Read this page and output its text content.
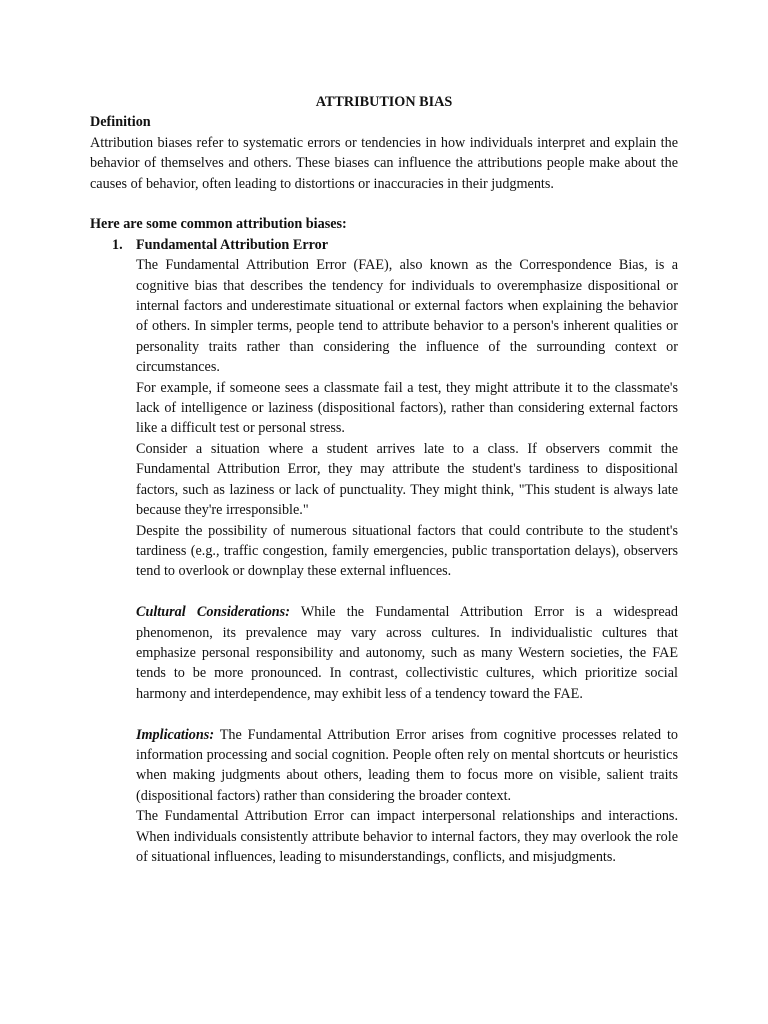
ATTRIBUTION BIAS
Definition

Attribution biases refer to systematic errors or tendencies in how individuals interpret and explain the behavior of themselves and others. These biases can influence the attributions people make about the causes of behavior, often leading to distortions or inaccuracies in their judgments.

Here are some common attribution biases:
1. Fundamental Attribution Error

The Fundamental Attribution Error (FAE), also known as the Correspondence Bias, is a cognitive bias that describes the tendency for individuals to overemphasize dispositional or internal factors and underestimate situational or external factors when explaining the behavior of others. In simpler terms, people tend to attribute behavior to a person's inherent qualities or personality traits rather than considering the influence of the surrounding context or circumstances.

For example, if someone sees a classmate fail a test, they might attribute it to the classmate's lack of intelligence or laziness (dispositional factors), rather than considering external factors like a difficult test or personal stress.

Consider a situation where a student arrives late to a class. If observers commit the Fundamental Attribution Error, they may attribute the student's tardiness to dispositional factors, such as laziness or lack of punctuality. They might think, "This student is always late because they're irresponsible."

Despite the possibility of numerous situational factors that could contribute to the student's tardiness (e.g., traffic congestion, family emergencies, public transportation delays), observers tend to overlook or downplay these external influences.

Cultural Considerations: While the Fundamental Attribution Error is a widespread phenomenon, its prevalence may vary across cultures. In individualistic cultures that emphasize personal responsibility and autonomy, such as many Western societies, the FAE tends to be more pronounced. In contrast, collectivistic cultures, which prioritize social harmony and interdependence, may exhibit less of a tendency toward the FAE.

Implications: The Fundamental Attribution Error arises from cognitive processes related to information processing and social cognition. People often rely on mental shortcuts or heuristics when making judgments about others, leading them to focus more on visible, salient traits (dispositional factors) rather than considering the broader context.

The Fundamental Attribution Error can impact interpersonal relationships and interactions. When individuals consistently attribute behavior to internal factors, they may overlook the role of situational influences, leading to misunderstandings, conflicts, and misjudgments.
